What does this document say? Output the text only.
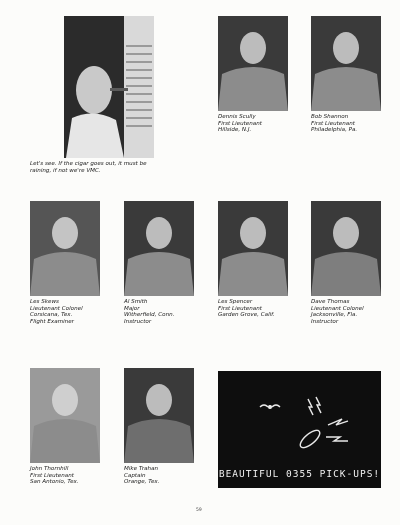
Let's see. If the cigar goes out, it must be
raining, if not we're VMC.
Dennis Scully
First Lieutenant
Hillside, N.J.
Bob Shannon
First Lieutenant
Philadelphia, Pa.
Les Skews
Lieutenant Colonel
Corsicana, Tex.
Flight Examiner
Al Smith
Major
Witherfield, Conn.
Instructor
Les Spencer
First Lieutenant
Garden Grove, Calif.
Dave Thomas
Lieutenant Colonel
Jacksonville, Fla.
Instructor
John Thornhill
First Lieutenant
San Antonio, Tex.
Mike Trahan
Captain
Orange, Tex.
BEAUTIFUL 0355 PICK-UPS!
59
